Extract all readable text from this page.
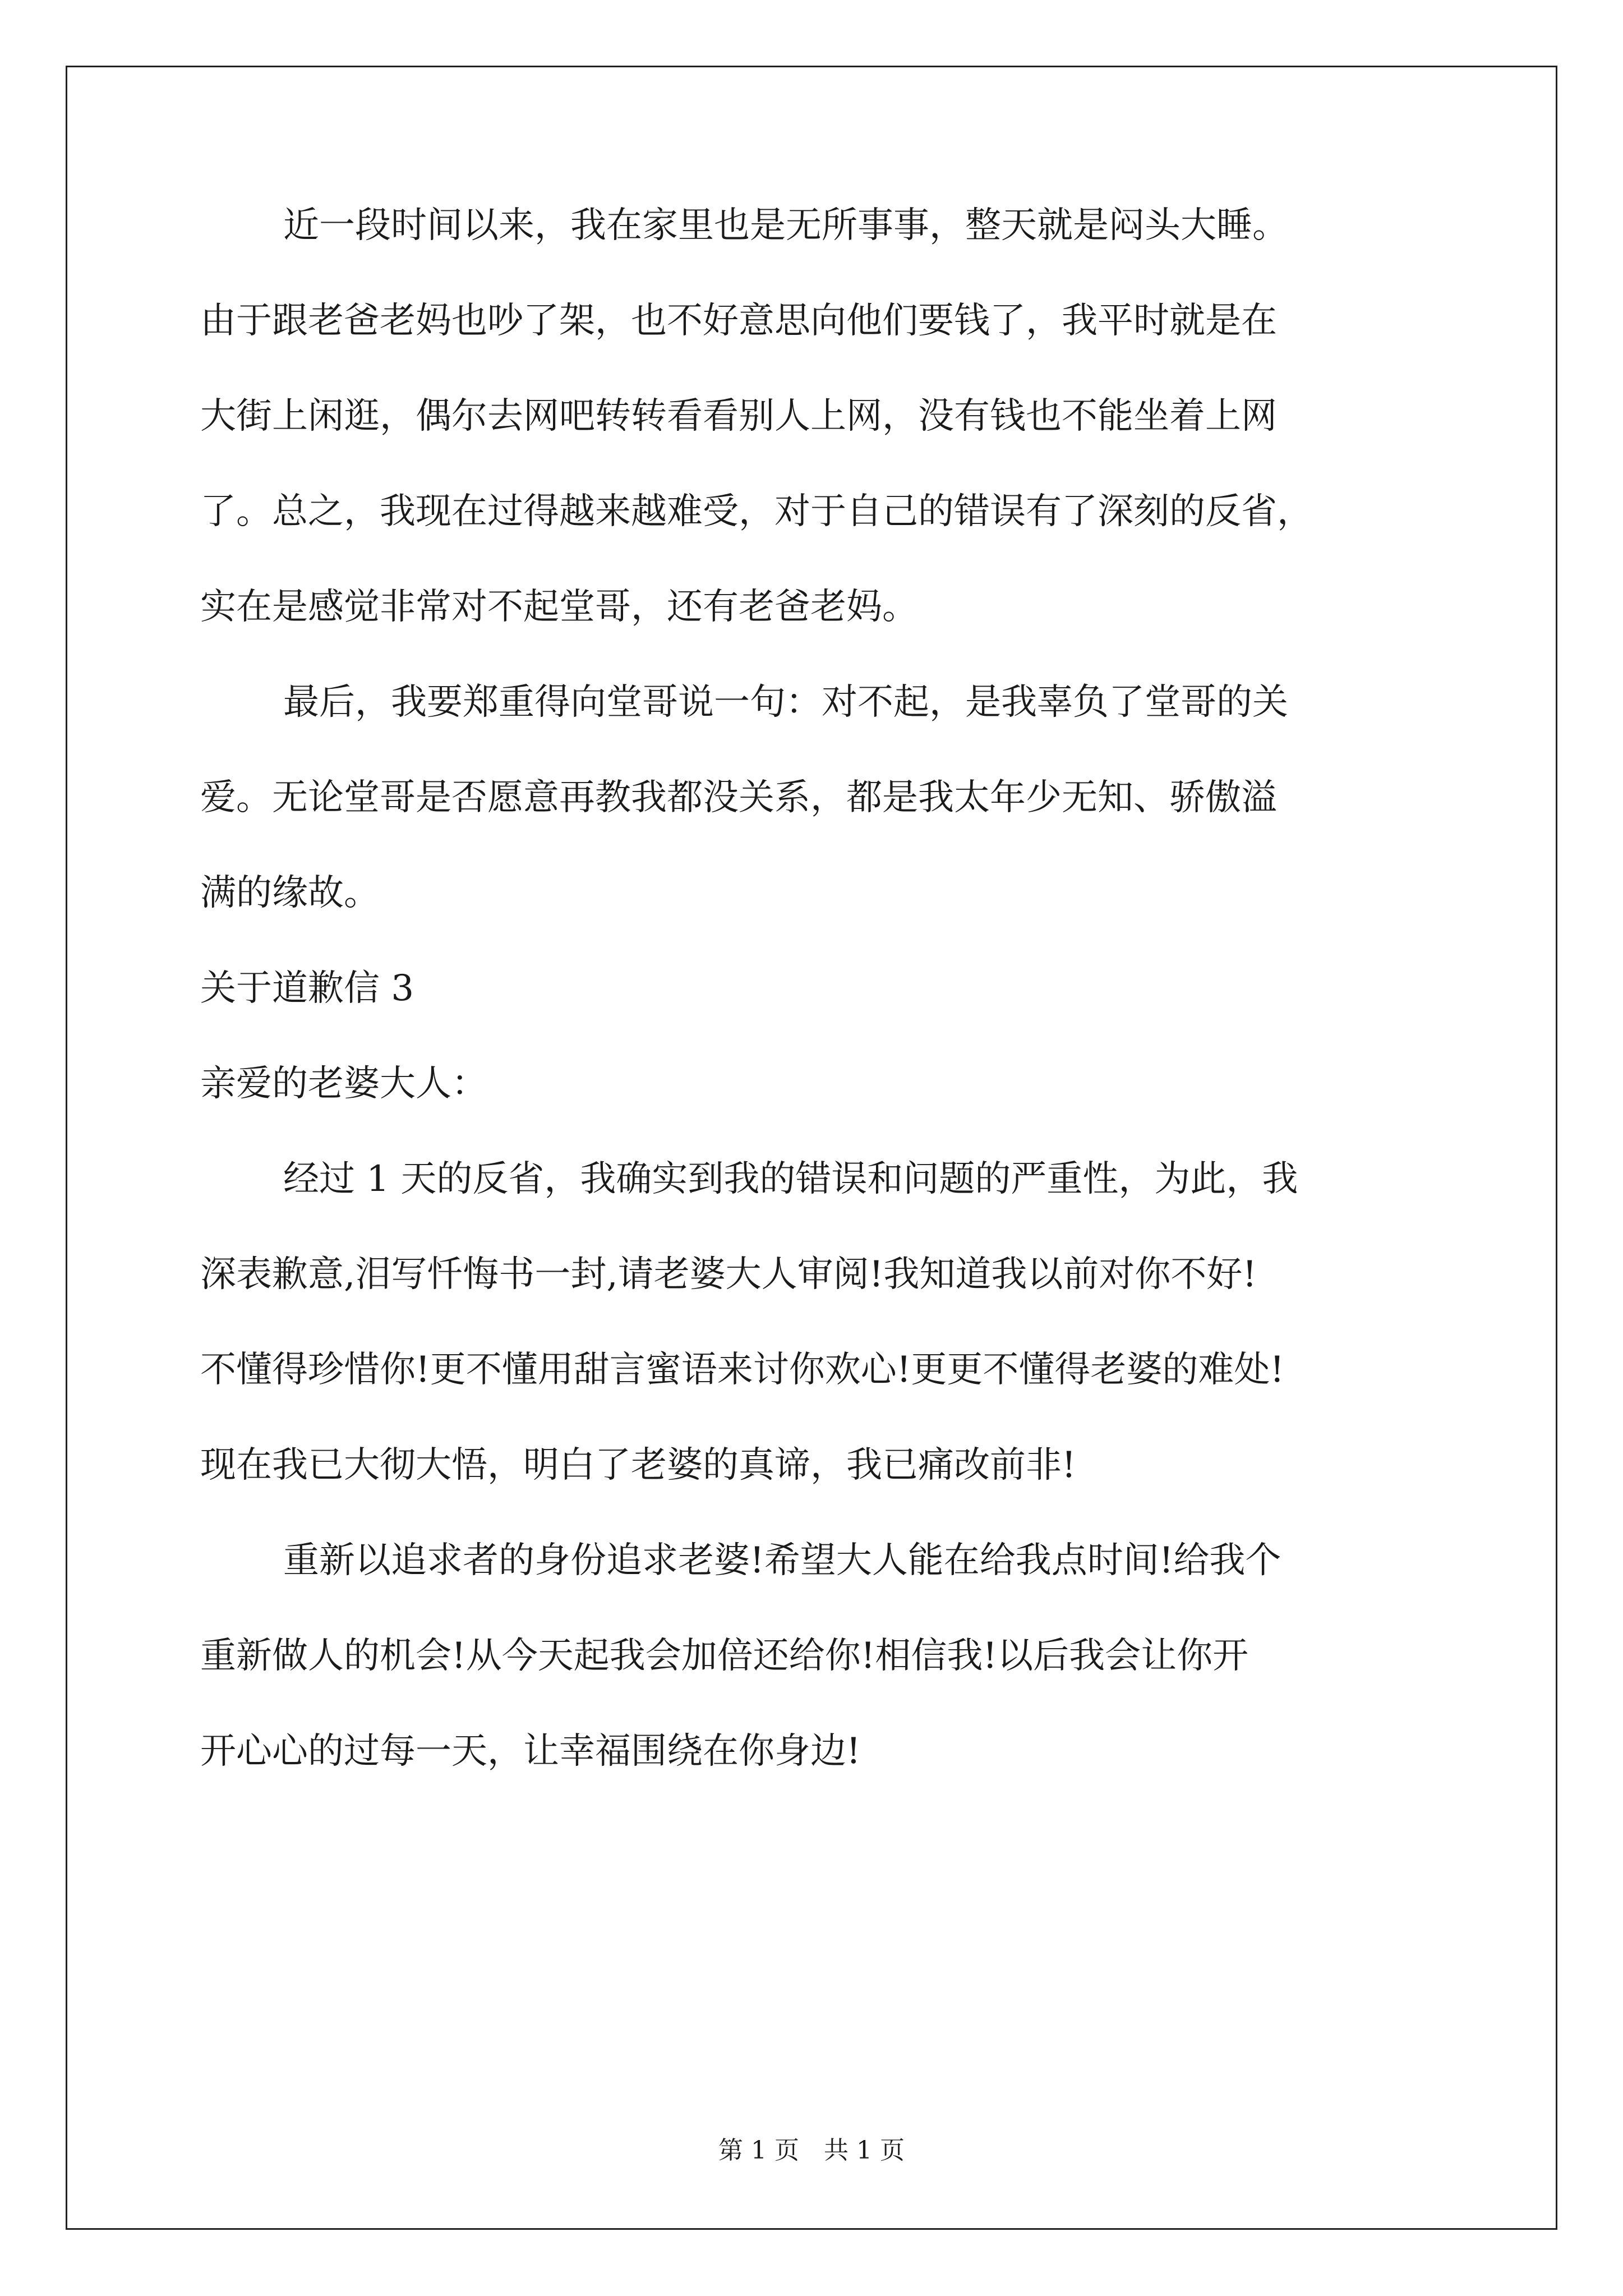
近一段时间以来，我在家里也是无所事事，整天就是闷头大睡。
由于跟老爸老妈也吵了架，也不好意思向他们要钱了，我平时就是在
大街上闲逛，偶尔去网吧转转看看别人上网，没有钱也不能坐着上网
了。总之，我现在过得越来越难受，对于自己的错误有了深刻的反省，
实在是感觉非常对不起堂哥，还有老爸老妈。
最后，我要郑重得向堂哥说一句：对不起，是我辜负了堂哥的关
爱。无论堂哥是否愿意再教我都没关系，都是我太年少无知、骄傲溢
满的缘故。
关于道歉信 3
亲爱的老婆大人：
经过 1 天的反省，我确实到我的错误和问题的严重性，为此，我
深表歉意,泪写忏悔书一封,请老婆大人审阅!我知道我以前对你不好!
不懂得珍惜你!更不懂用甜言蜜语来讨你欢心!更更不懂得老婆的难处!
现在我已大彻大悟，明白了老婆的真谛，我已痛改前非!
重新以追求者的身份追求老婆!希望大人能在给我点时间!给我个
重新做人的机会!从今天起我会加倍还给你!相信我!以后我会让你开
开心心的过每一天，让幸福围绕在你身边!
第 1 页　共 1 页
